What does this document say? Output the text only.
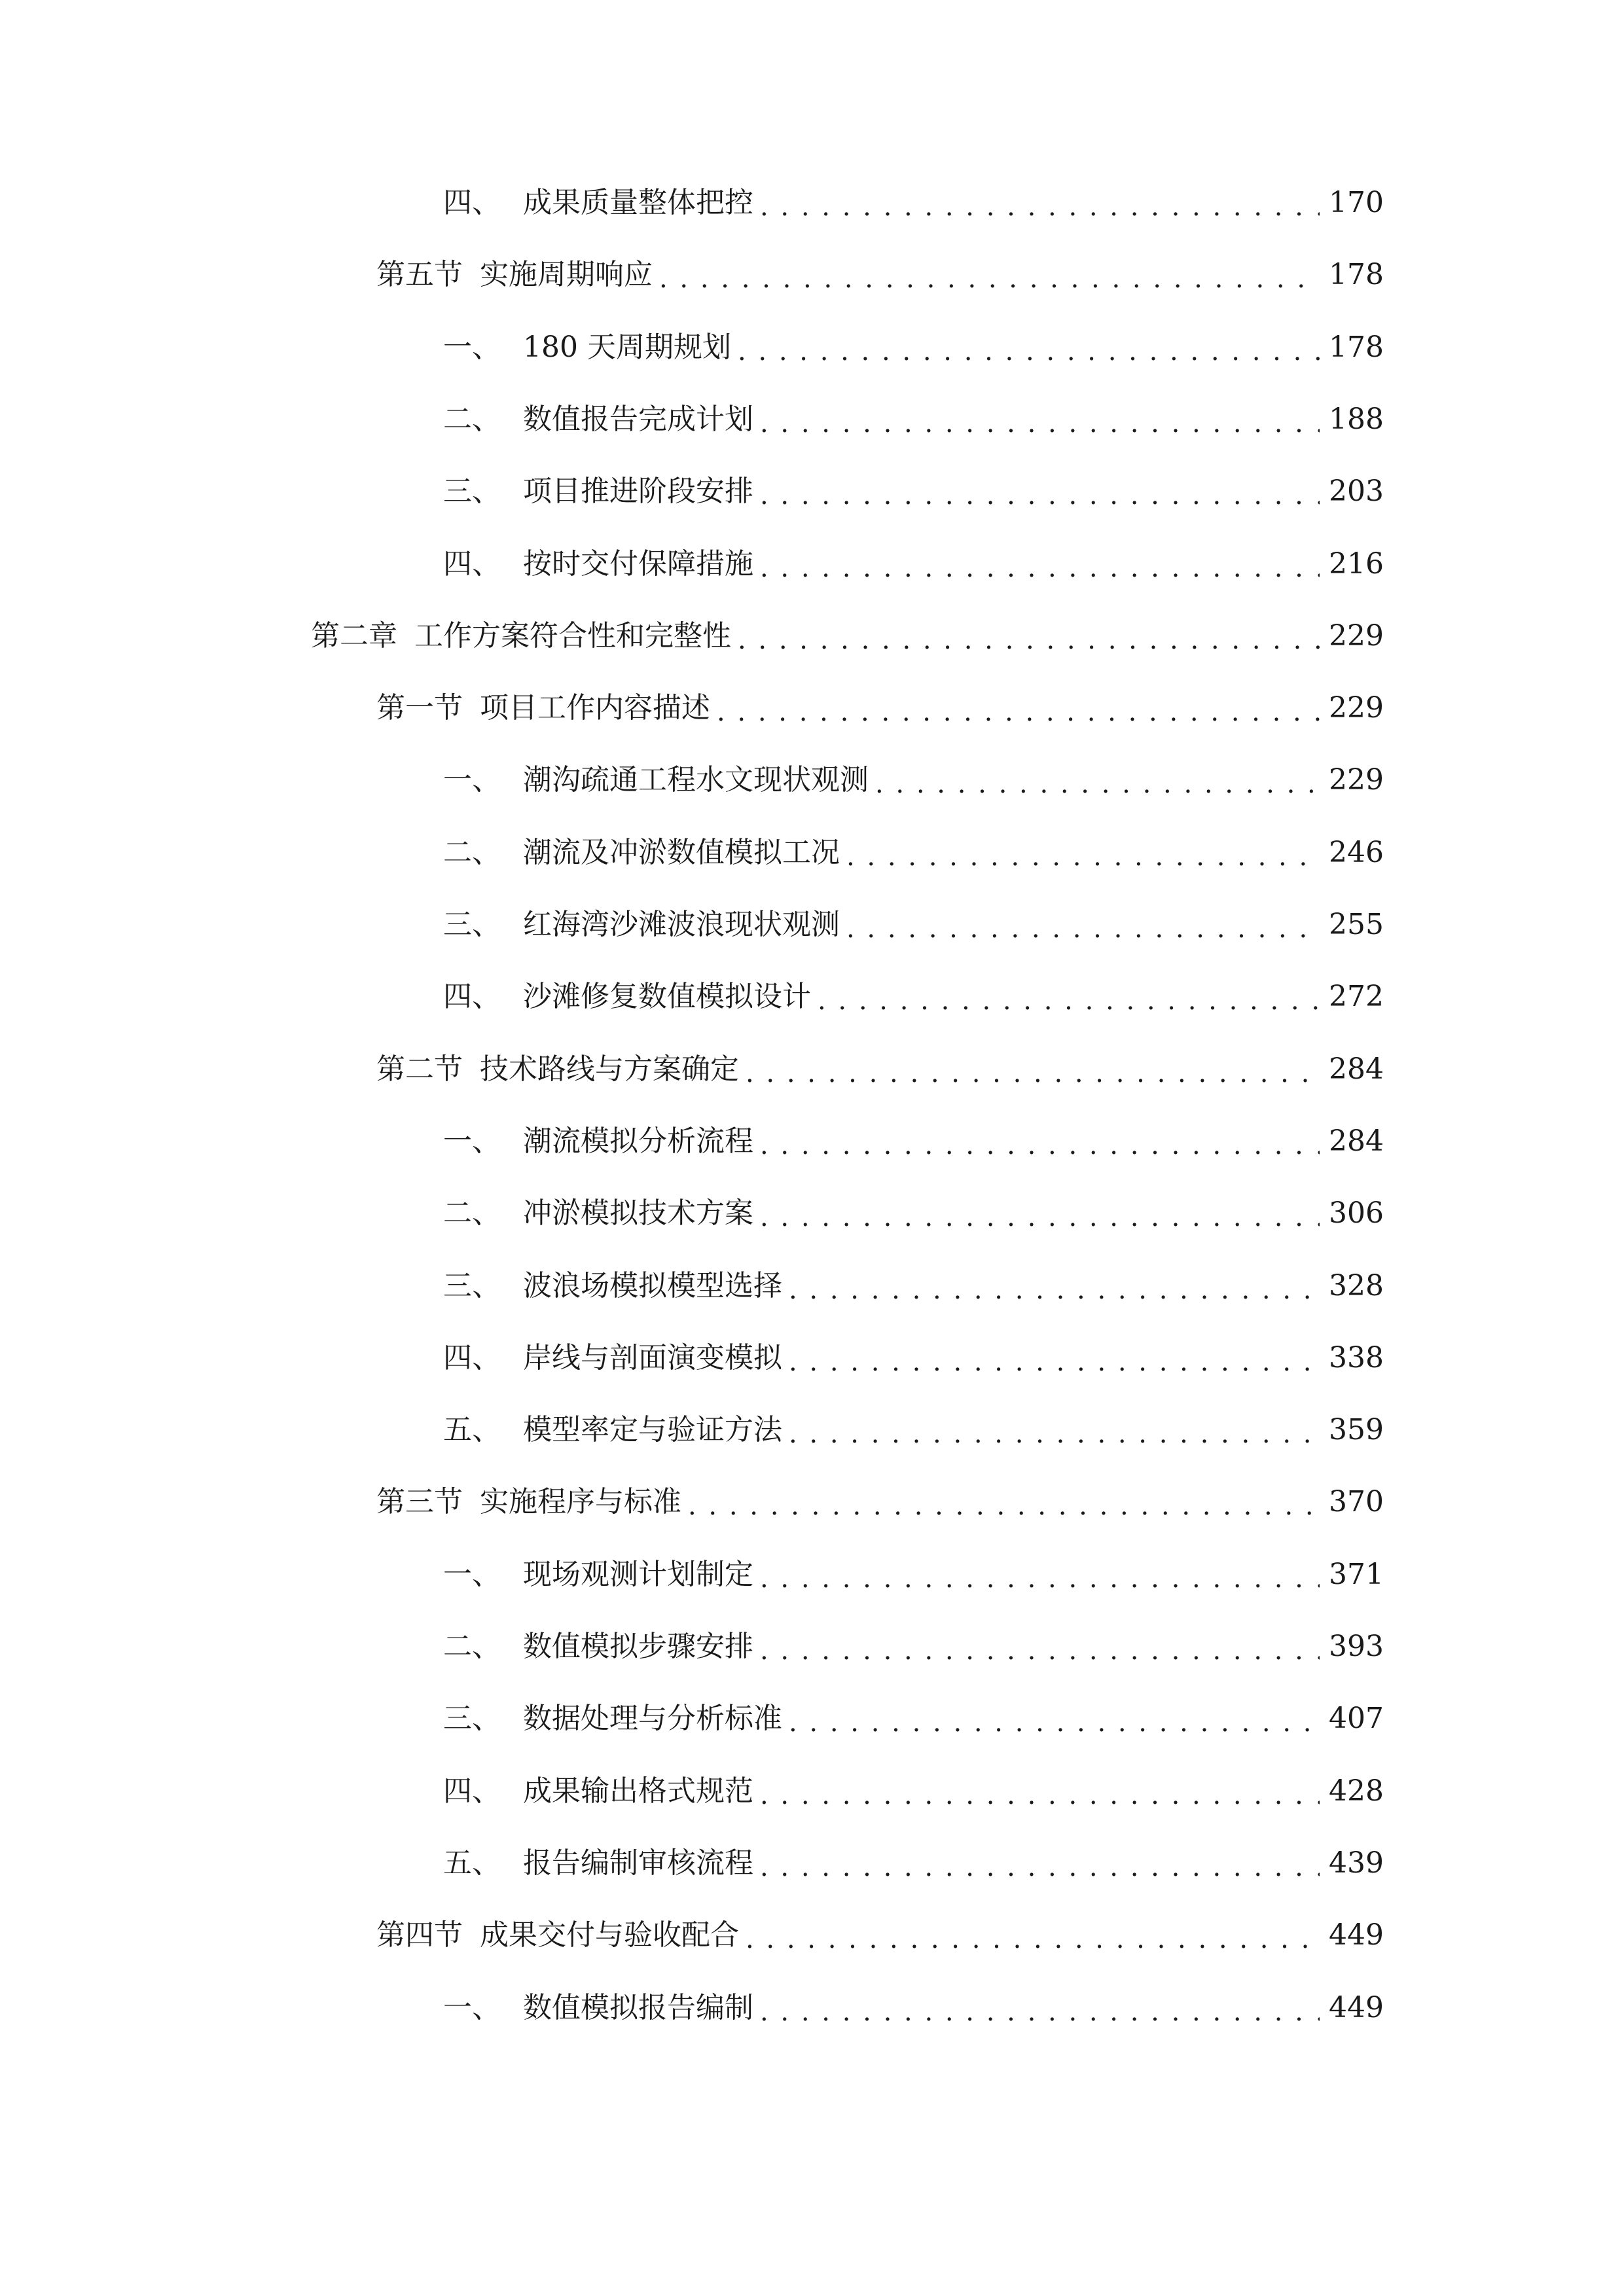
四、 成果质量整体把控 . . .	170
第五节 实施周期响应 . . .	178
一、 180 天周期规划 . . .	178
二、 数值报告完成计划 . . .	188
三、 项目推进阶段安排 . . .	203
四、 按时交付保障措施 . . .	216
第二章 工作方案符合性和完整性 . . .	229
第一节 项目工作内容描述 . . .	229
一、 潮沟疏通工程水文现状观测 . . .	229
二、 潮流及冲淤数值模拟工况 . . .	246
三、 红海湾沙滩波浪现状观测 . . .	255
四、 沙滩修复数值模拟设计 . . .	272
第二节 技术路线与方案确定 . . .	284
一、 潮流模拟分析流程 . . .	284
二、 冲淤模拟技术方案 . . .	306
三、 波浪场模拟模型选择 . . .	328
四、 岸线与剖面演变模拟 . . .	338
五、 模型率定与验证方法 . . .	359
第三节 实施程序与标准 . . .	370
一、 现场观测计划制定 . . .	371
二、 数值模拟步骤安排 . . .	393
三、 数据处理与分析标准 . . .	407
四、 成果输出格式规范 . . .	428
五、 报告编制审核流程 . . .	439
第四节 成果交付与验收配合 . . .	449
一、 数值模拟报告编制 . . .	449
